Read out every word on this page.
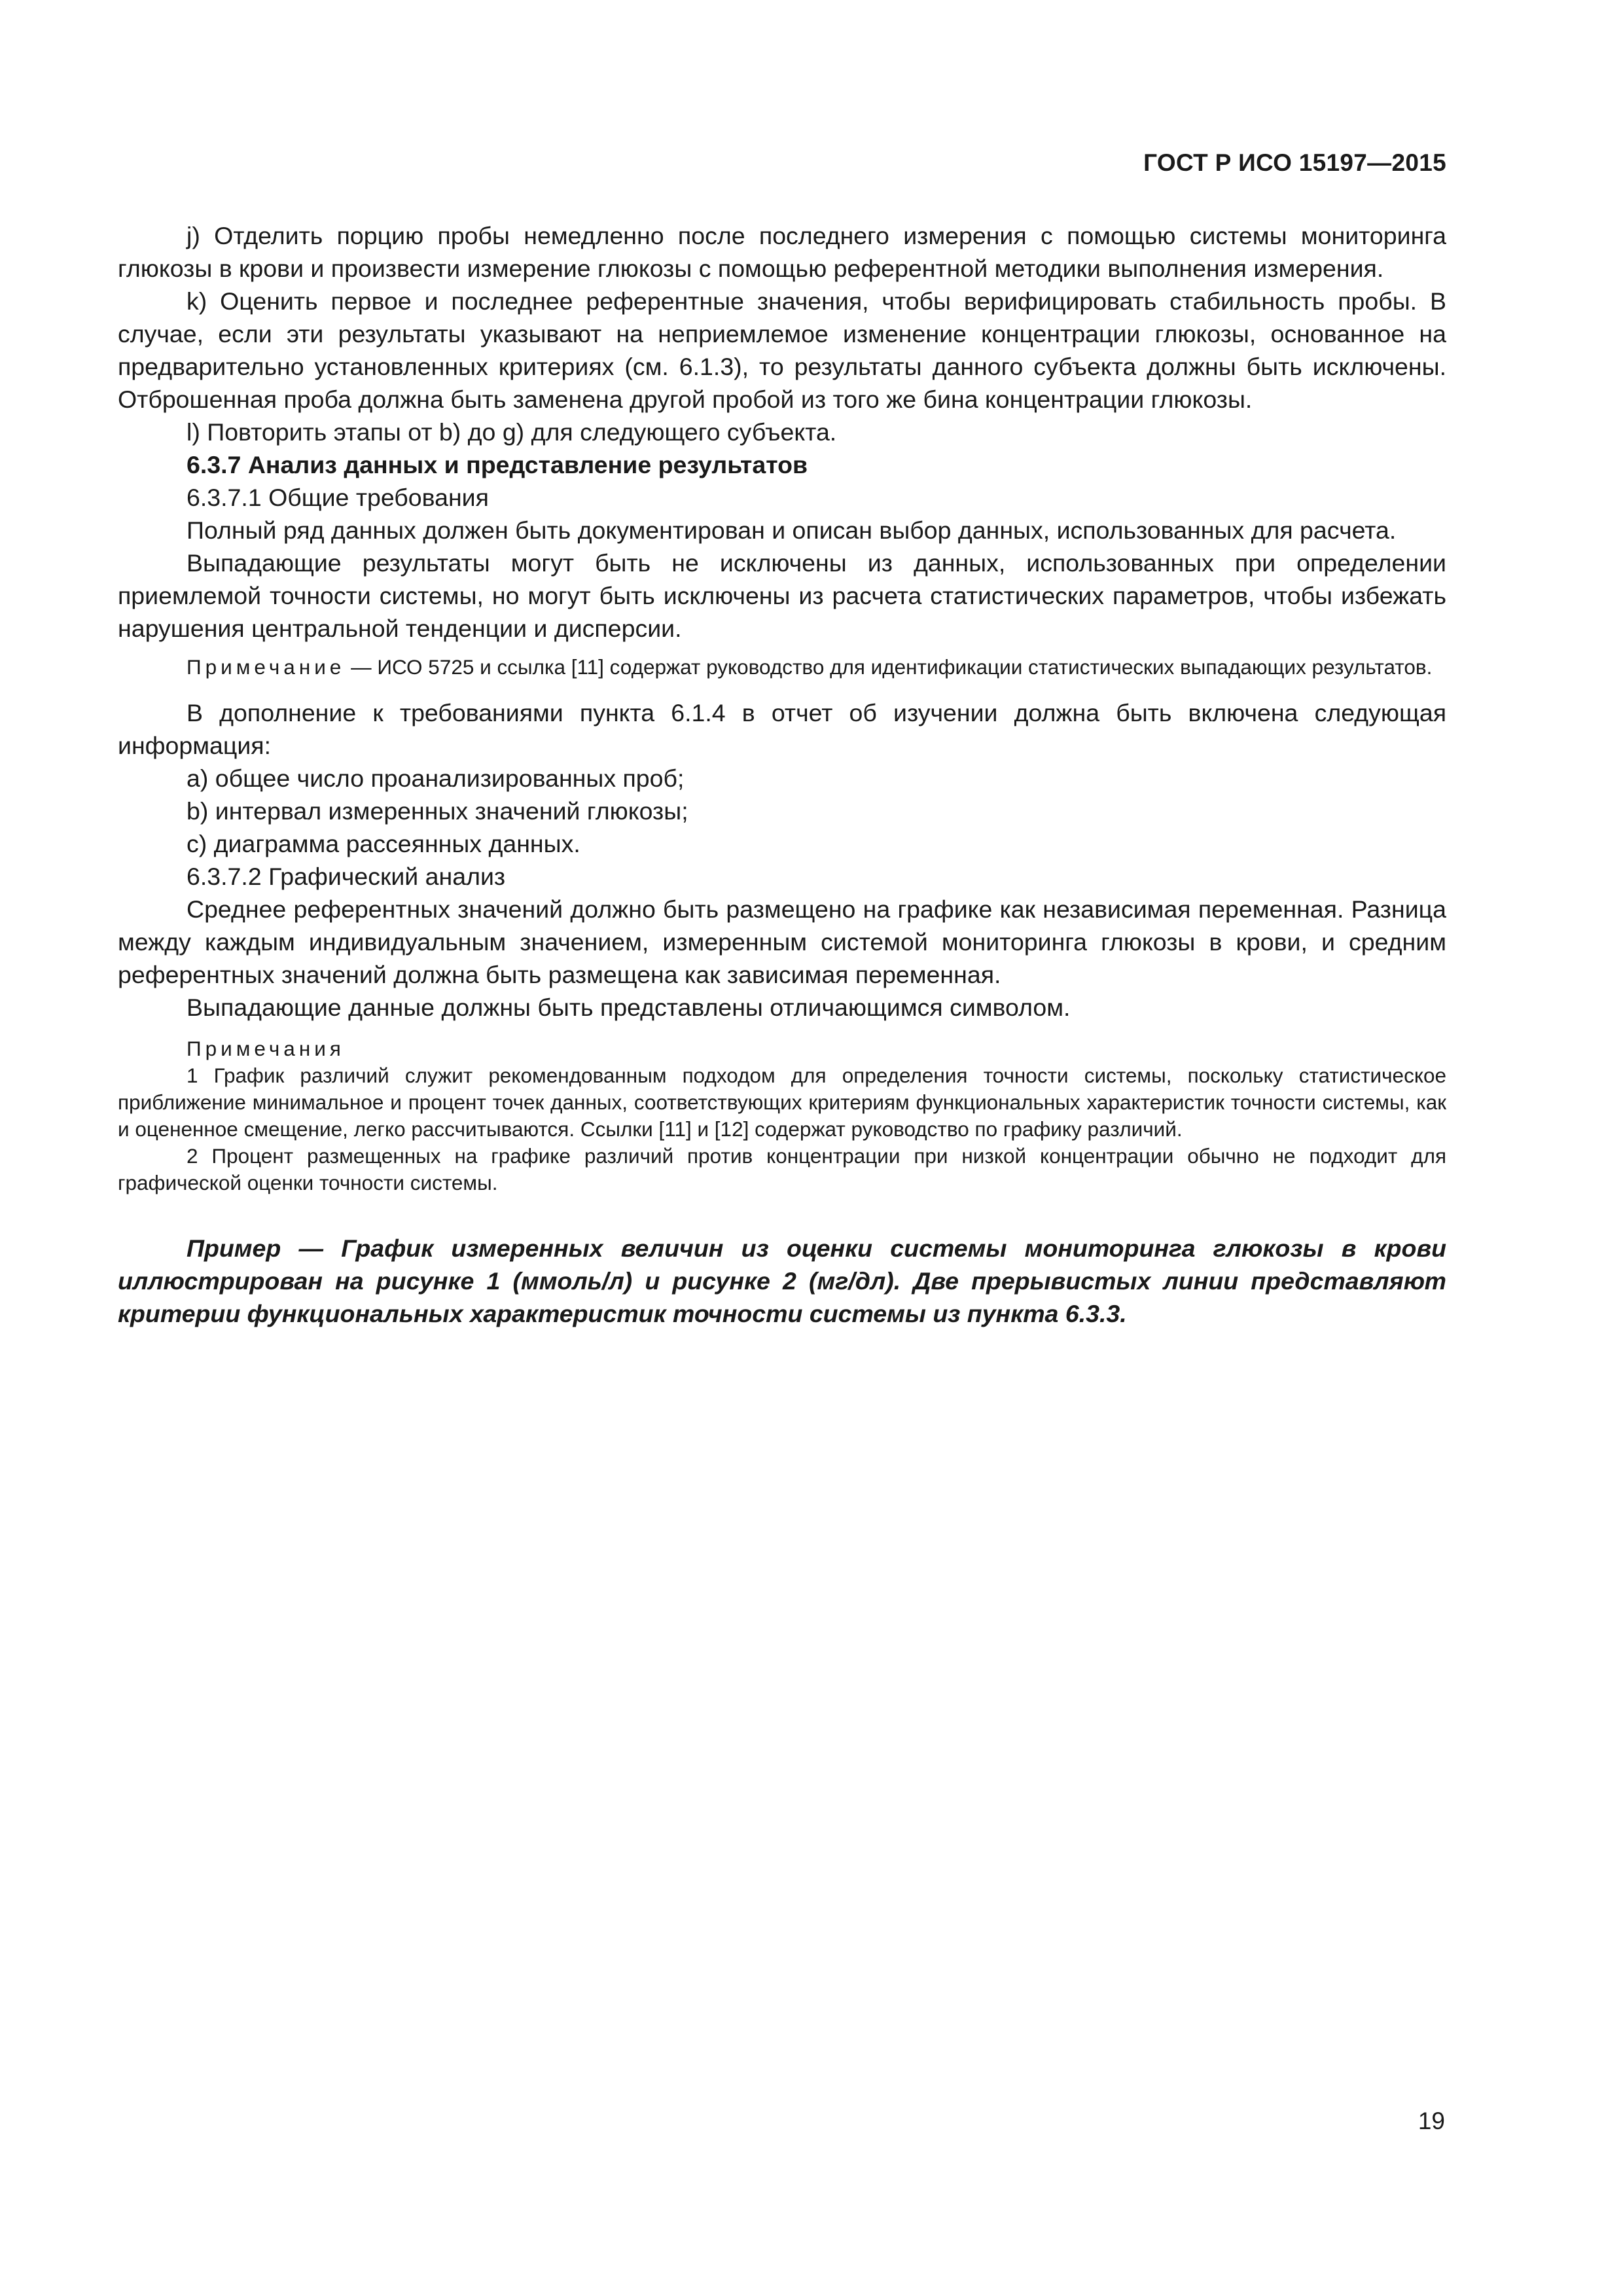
ГОСТ Р ИСО 15197—2015

j) Отделить порцию пробы немедленно после последнего измерения с помощью системы мониторинга глюкозы в крови и произвести измерение глюкозы с помощью референтной методики выполнения измерения.

k) Оценить первое и последнее референтные значения, чтобы верифицировать стабильность пробы. В случае, если эти результаты указывают на неприемлемое изменение концентрации глюкозы, основанное на предварительно установленных критериях (см. 6.1.3), то результаты данного субъекта должны быть исключены. Отброшенная проба должна быть заменена другой пробой из того же бина концентрации глюкозы.

l) Повторить этапы от b) до g) для следующего субъекта.

6.3.7 Анализ данных и представление результатов

6.3.7.1 Общие требования

Полный ряд данных должен быть документирован и описан выбор данных, использованных для расчета.

Выпадающие результаты могут быть не исключены из данных, использованных при определении приемлемой точности системы, но могут быть исключены из расчета статистических параметров, чтобы избежать нарушения центральной тенденции и дисперсии.

Примечание — ИСО 5725 и ссылка [11] содержат руководство для идентификации статистических выпадающих результатов.

В дополнение к требованиями пункта 6.1.4 в отчет об изучении должна быть включена следующая информация:

a) общее число проанализированных проб;

b) интервал измеренных значений глюкозы;

c) диаграмма рассеянных данных.

6.3.7.2 Графический анализ

Среднее референтных значений должно быть размещено на графике как независимая переменная. Разница между каждым индивидуальным значением, измеренным системой мониторинга глюкозы в крови, и средним референтных значений должна быть размещена как зависимая переменная.

Выпадающие данные должны быть представлены отличающимся символом.

Примечания

1 График различий служит рекомендованным подходом для определения точности системы, поскольку статистическое приближение минимальное и процент точек данных, соответствующих критериям функциональных характеристик точности системы, как и оцененное смещение, легко рассчитываются. Ссылки [11] и [12] содержат руководство по графику различий.

2 Процент размещенных на графике различий против концентрации при низкой концентрации обычно не подходит для графической оценки точности системы.

Пример — График измеренных величин из оценки системы мониторинга глюкозы в крови иллюстрирован на рисунке 1 (ммоль/л) и рисунке 2 (мг/дл). Две прерывистых линии представляют критерии функциональных характеристик точности системы из пункта 6.3.3.

19
